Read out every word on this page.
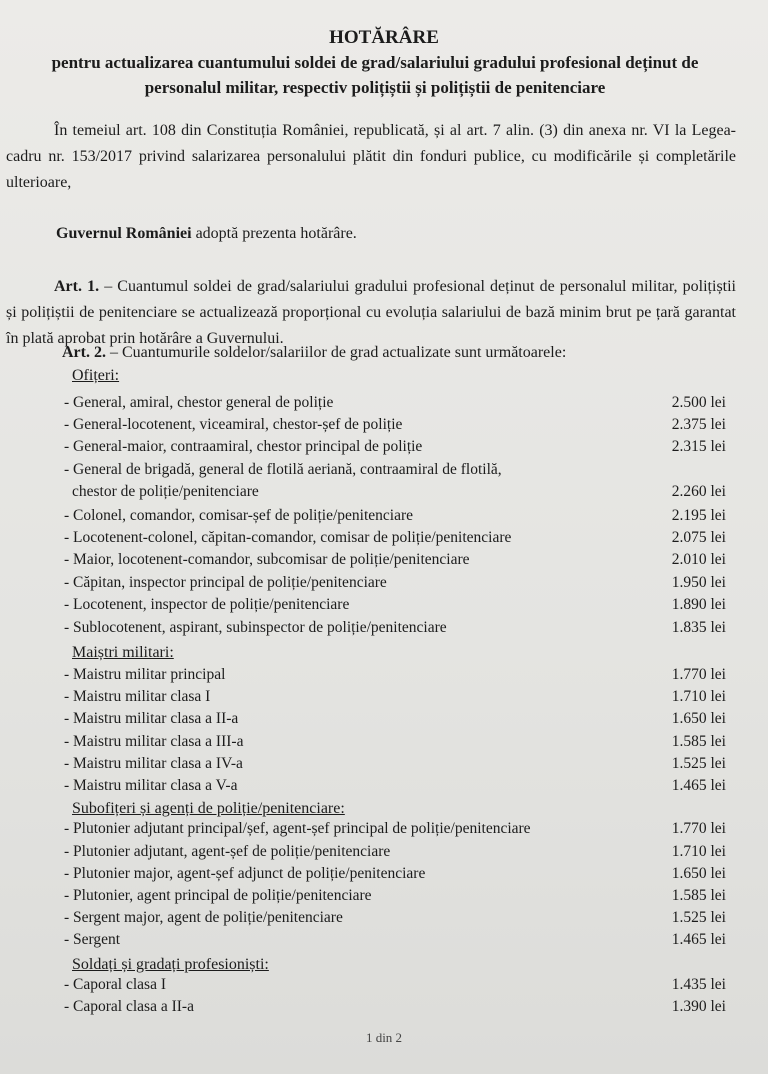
HOTĂRÂRE
pentru actualizarea cuantumului soldei de grad/salariului gradului profesional deținut de
personalul militar, respectiv polițiștii și polițiștii de penitenciare
În temeiul art. 108 din Constituția României, republicată, și al art. 7 alin. (3) din anexa nr. VI la Legea-cadru nr. 153/2017 privind salarizarea personalului plătit din fonduri publice, cu modificările și completările ulterioare,
Guvernul României adoptă prezenta hotărâre.
Art. 1. – Cuantumul soldei de grad/salariului gradului profesional deținut de personalul militar, polițiștii și polițiștii de penitenciare se actualizează proporțional cu evoluția salariului de bază minim brut pe țară garantat în plată aprobat prin hotărâre a Guvernului.
Art. 2. – Cuantumurile soldelor/salariilor de grad actualizate sunt următoarele:
Ofițeri:
- General, amiral, chestor general de poliție	2.500 lei
- General-locotenent, viceamiral, chestor-șef de poliție	2.375 lei
- General-maior, contraamiral, chestor principal de poliție	2.315 lei
- General de brigadă, general de flotilă aeriană, contraamiral de flotilă,
chestor de poliție/penitenciare	2.260 lei
- Colonel, comandor, comisar-șef de poliție/penitenciare	2.195 lei
- Locotenent-colonel, căpitan-comandor, comisar de poliție/penitenciare	2.075 lei
- Maior, locotenent-comandor, subcomisar de poliție/penitenciare	2.010 lei
- Căpitan, inspector principal de poliție/penitenciare	1.950 lei
- Locotenent, inspector de poliție/penitenciare	1.890 lei
- Sublocotenent, aspirant, subinspector de poliție/penitenciare	1.835 lei
Maiștri militari:
- Maistru militar principal	1.770 lei
- Maistru militar clasa I	1.710 lei
- Maistru militar clasa a II-a	1.650 lei
- Maistru militar clasa a III-a	1.585 lei
- Maistru militar clasa a IV-a	1.525 lei
- Maistru militar clasa a V-a	1.465 lei
Subofițeri și agenți de poliție/penitenciare:
- Plutonier adjutant principal/șef, agent-șef principal de poliție/penitenciare	1.770 lei
- Plutonier adjutant, agent-șef de poliție/penitenciare	1.710 lei
- Plutonier major, agent-șef adjunct de poliție/penitenciare	1.650 lei
- Plutonier, agent principal de poliție/penitenciare	1.585 lei
- Sergent major, agent de poliție/penitenciare	1.525 lei
- Sergent	1.465 lei
Soldați și gradați profesioniști:
- Caporal clasa I	1.435 lei
- Caporal clasa a II-a	1.390 lei
1 din 2
